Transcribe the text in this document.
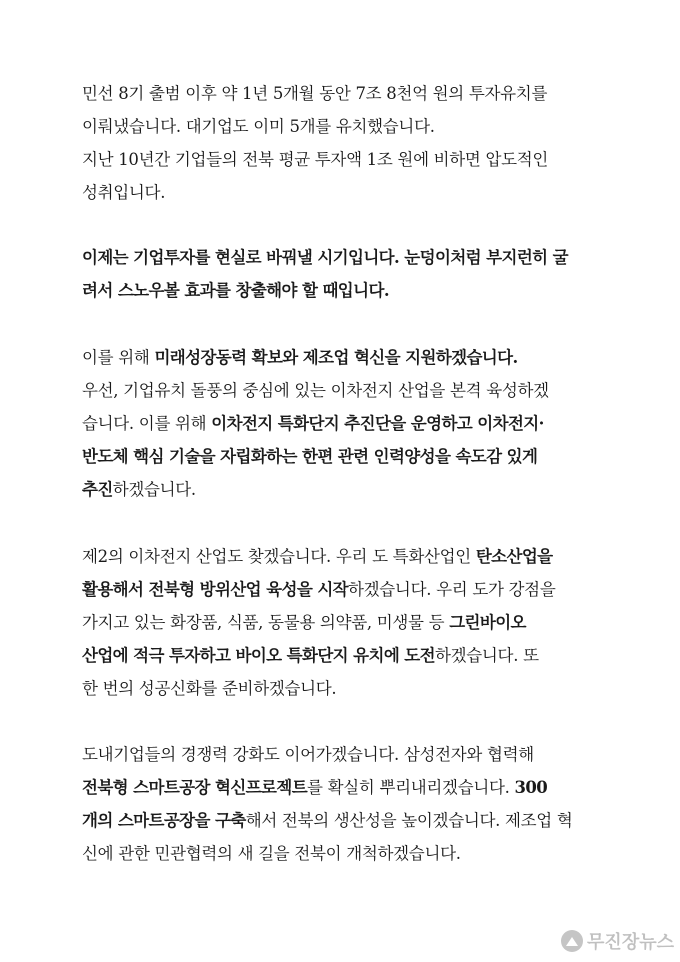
민선 8기 출범 이후 약 1년 5개월 동안 7조 8천억 원의 투자유치를
이뤄냈습니다. 대기업도 이미 5개를 유치했습니다.
지난 10년간 기업들의 전북 평균 투자액 1조 원에 비하면 압도적인
성취입니다.
이제는 기업투자를 현실로 바꿔낼 시기입니다. 눈덩이처럼 부지런히 굴
려서 스노우볼 효과를 창출해야 할 때입니다.
이를 위해 미래성장동력 확보와 제조업 혁신을 지원하겠습니다.
우선, 기업유치 돌풍의 중심에 있는 이차전지 산업을 본격 육성하겠
습니다. 이를 위해 이차전지 특화단지 추진단을 운영하고 이차전지·
반도체 핵심 기술을 자립화하는 한편 관련 인력양성을 속도감 있게
추진하겠습니다.
제2의 이차전지 산업도 찾겠습니다. 우리 도 특화산업인 탄소산업을
활용해서 전북형 방위산업 육성을 시작하겠습니다. 우리 도가 강점을
가지고 있는 화장품, 식품, 동물용 의약품, 미생물 등 그린바이오
산업에 적극 투자하고 바이오 특화단지 유치에 도전하겠습니다. 또
한 번의 성공신화를 준비하겠습니다.
도내기업들의 경쟁력 강화도 이어가겠습니다. 삼성전자와 협력해
전북형 스마트공장 혁신프로젝트를 확실히 뿌리내리겠습니다. 300
개의 스마트공장을 구축해서 전북의 생산성을 높이겠습니다. 제조업 혁
신에 관한 민관협력의 새 길을 전북이 개척하겠습니다.
무진장뉴스
